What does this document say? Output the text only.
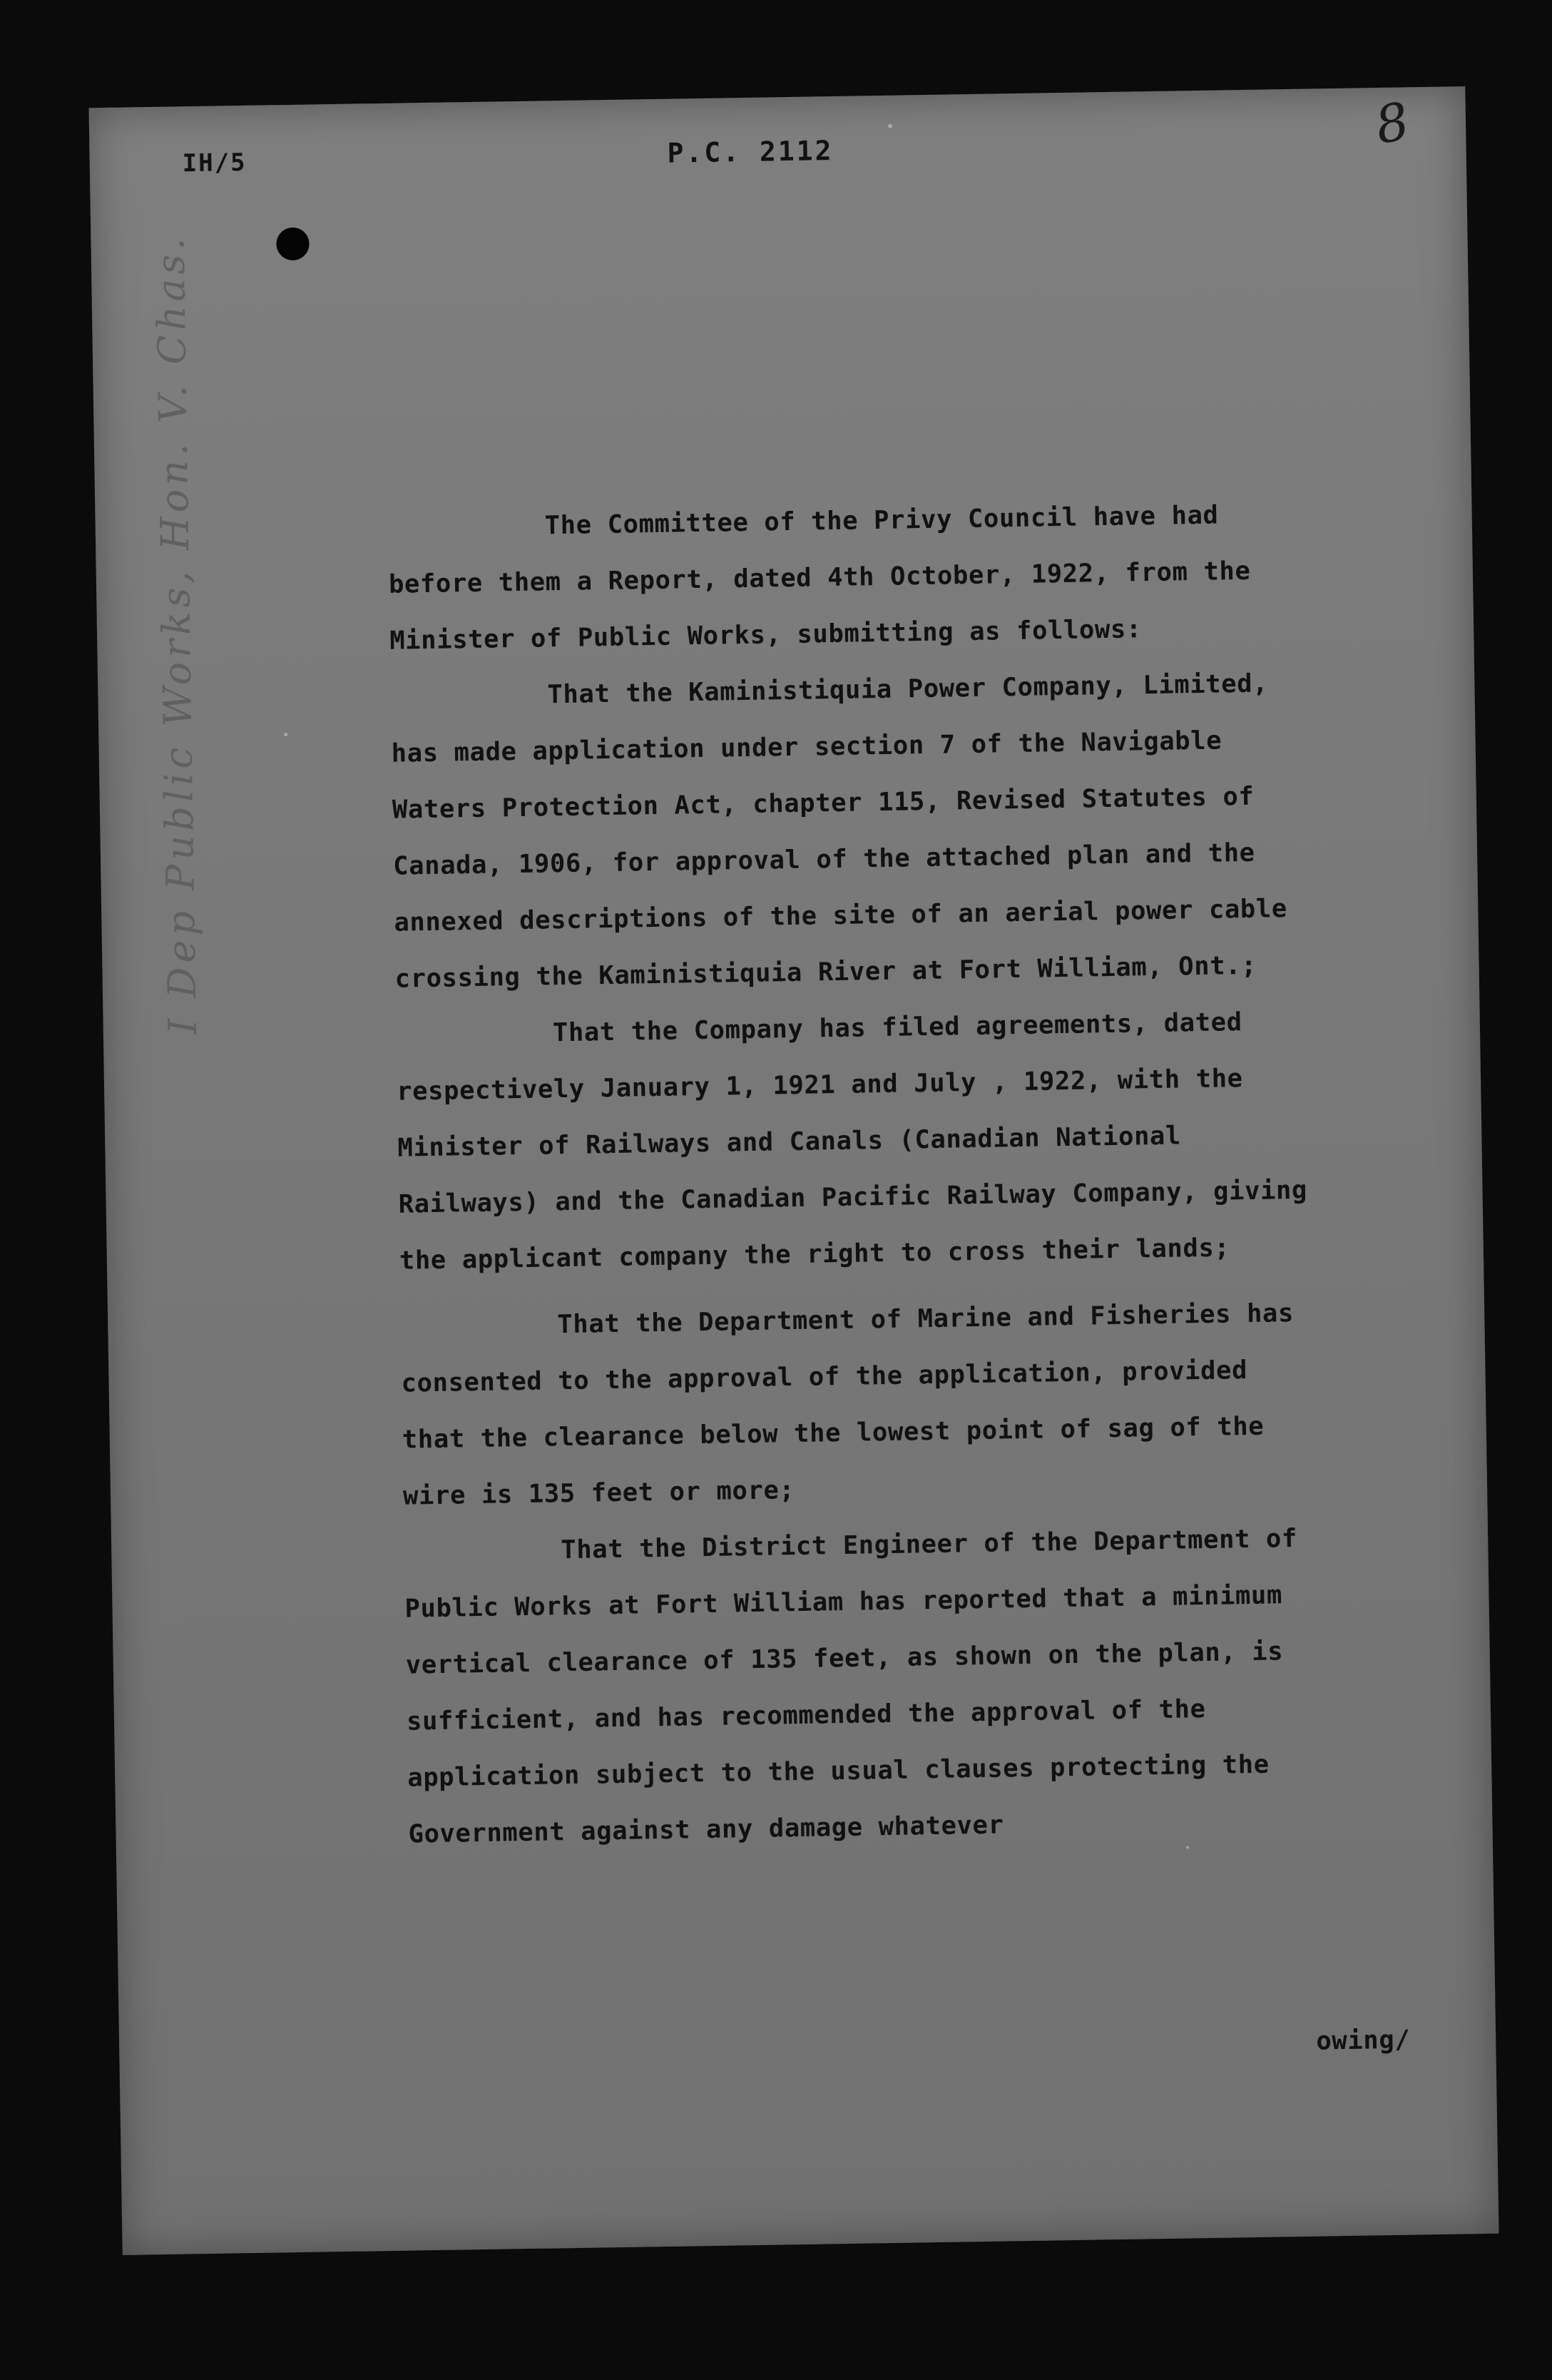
IH/5	P.C. 2112	8
I Dep Public Works, Hon. V. Chas.	The Committee of the Privy Council have had before them a Report, dated 4th October, 1922, from the Minister of Public Works, submitting as follows:

That the Kaministiquia Power Company, Limited, has made application under section 7 of the Navigable Waters Protection Act, chapter 115, Revised Statutes of Canada, 1906, for approval of the attached plan and the annexed descriptions of the site of an aerial power cable crossing the Kaministiquia River at Fort William, Ont.;

That the Company has filed agreements, dated respectively January 1, 1921 and July , 1922, with the Minister of Railways and Canals (Canadian National Railways) and the Canadian Pacific Railway Company, giving the applicant company the right to cross their lands;

That the Department of Marine and Fisheries has consented to the approval of the application, provided that the clearance below the lowest point of sag of the wire is 135 feet or more;

That the District Engineer of the Department of Public Works at Fort William has reported that a minimum vertical clearance of 135 feet, as shown on the plan, is sufficient, and has recommended the approval of the application subject to the usual clauses protecting the Government against any damage whatever

owing/
